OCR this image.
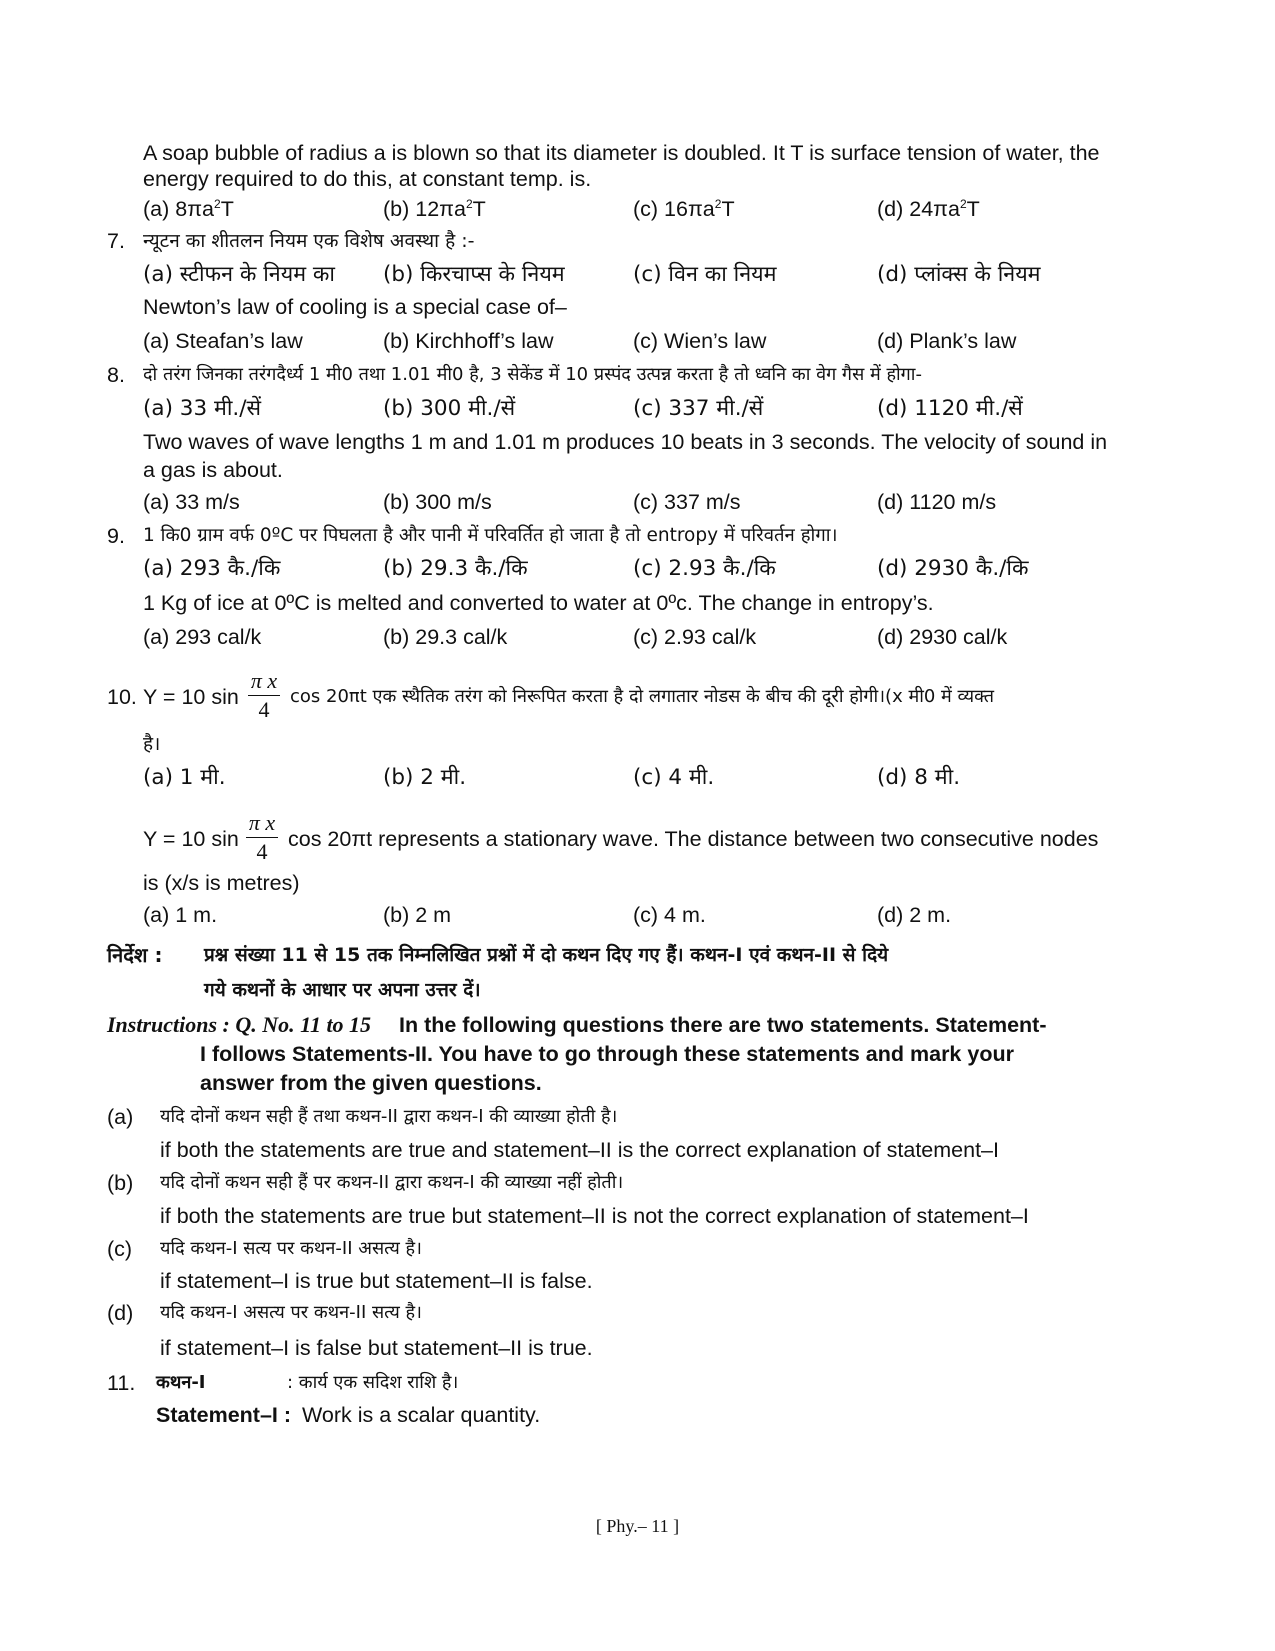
A soap bubble of radius a is blown so that its diameter is doubled. It T is surface tension of water, the
energy required to do this, at constant temp. is.
(a) $8\pi a^2T$	(b) $12\pi a^2T$	(c) $16\pi a^2T$	(d) $24\pi a^2T$
7. न्यूटन का शीतलन नियम एक विशेष अवस्था है :-
(a) स्टीफन के नियम का (b) किरचाप्स के नियम	(c) विन का नियम	(d) प्लांक्स के नियम
Newton’s law of cooling is a special case of–
(a) Steafan’s law	(b) Kirchhoff’s law	(c) Wien’s law	(d) Plank’s law
8. दो तरंग जिनका तरंगदैर्ध्य 1 मी0 तथा 1.01 मी0 है, 3 सेकेंड में 10 प्रस्पंद उत्पन्न करता है तो ध्वनि का वेग गैस में होगा-
(a) 33 मी./सें	(b) 300 मी./सें	(c) 337 मी./सें	(d) 1120 मी./सें
Two waves of wave lengths 1 m and 1.01 m produces 10 beats in 3 seconds. The velocity of sound in
a gas is about.
(a) 33 m/s	(b) 300 m/s	(c) 337 m/s	(d) 1120 m/s
9. 1 कि0 ग्राम वर्फ 0ºC पर पिघलता है और पानी में परिवर्तित हो जाता है तो entropy में परिवर्तन होगा।
(a) 293 कै./कि	(b) 29.3 कै./कि	(c) 2.93 कै./कि	(d) 2930 कै./कि
1 Kg of ice at 0ºC is melted and converted to water at 0ºc. The change in entropy’s.
(a) 293 cal/k	(b) 29.3 cal/k	(c) 2.93 cal/k	(d) 2930 cal/k
10. Y = 10 sin
π x
4
cos 20πt एक स्थैतिक तरंग को निरूपित करता है दो लगातार नोडस के बीच की दूरी होगी।(x मी0 में व्यक्त
है।
(a) 1 मी.	(b) 2 मी.	(c) 4 मी.	(d) 8 मी.
Y = 10 sin
π x
4 cos 20πt represents a stationary wave. The distance between two consecutive nodes
is (x/s is metres)
(a) 1 m.	(b) 2 m	(c) 4 m.	(d) 2 m.
निर्देश : प्रश्न संख्या 11 से 15 तक निम्नलिखित प्रश्नों में दो कथन दिए गए हैं। कथन-I एवं कथन-II से दिये
गये कथनों के आधार पर अपना उत्तर दें।
Instructions : Q. No. 11 to 15 In the following questions there are two statements. Statement-
I follows Statements-II. You have to go through these statements and mark your
answer from the given questions.
(a) यदि दोनों कथन सही हैं तथा कथन-II द्वारा कथन-I की व्याख्या होती है।
if both the statements are true and statement–II is the correct explanation of statement–I
(b) यदि दोनों कथन सही हैं पर कथन-II द्वारा कथन-I की व्याख्या नहीं होती।
if both the statements are true but statement–II is not the correct explanation of statement–I
(c) यदि कथन-I सत्य पर कथन-II असत्य है।
if statement–I is true but statement–II is false.
(d) यदि कथन-I असत्य पर कथन-II सत्य है।
if statement–I is false but statement–II is true.
11. कथन-I	: कार्य एक सदिश राशि है।
Statement–I : Work is a scalar quantity.
[ Phy.– 11 ]
